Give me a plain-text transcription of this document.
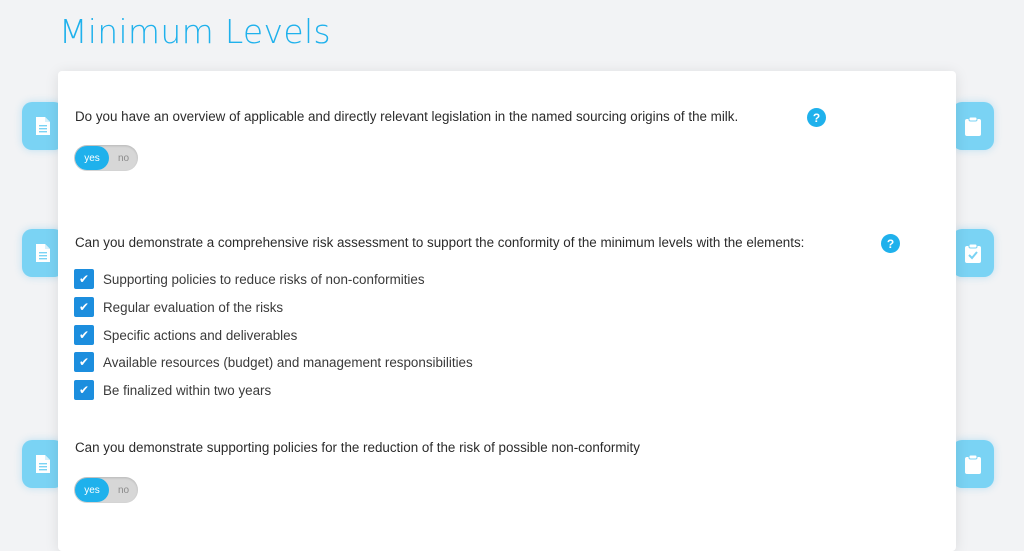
Minimum Levels
Do you have an overview of applicable and directly relevant legislation in the named sourcing origins of the milk.	?
yes	no
Can you demonstrate a comprehensive risk assessment to support the conformity of the minimum levels with the elements:	?
✔	Supporting policies to reduce risks of non-conformities
✔	Regular evaluation of the risks
✔	Specific actions and deliverables
✔	Available resources (budget) and management responsibilities
✔	Be finalized within two years
Can you demonstrate supporting policies for the reduction of the risk of possible non-conformity
yes	no
